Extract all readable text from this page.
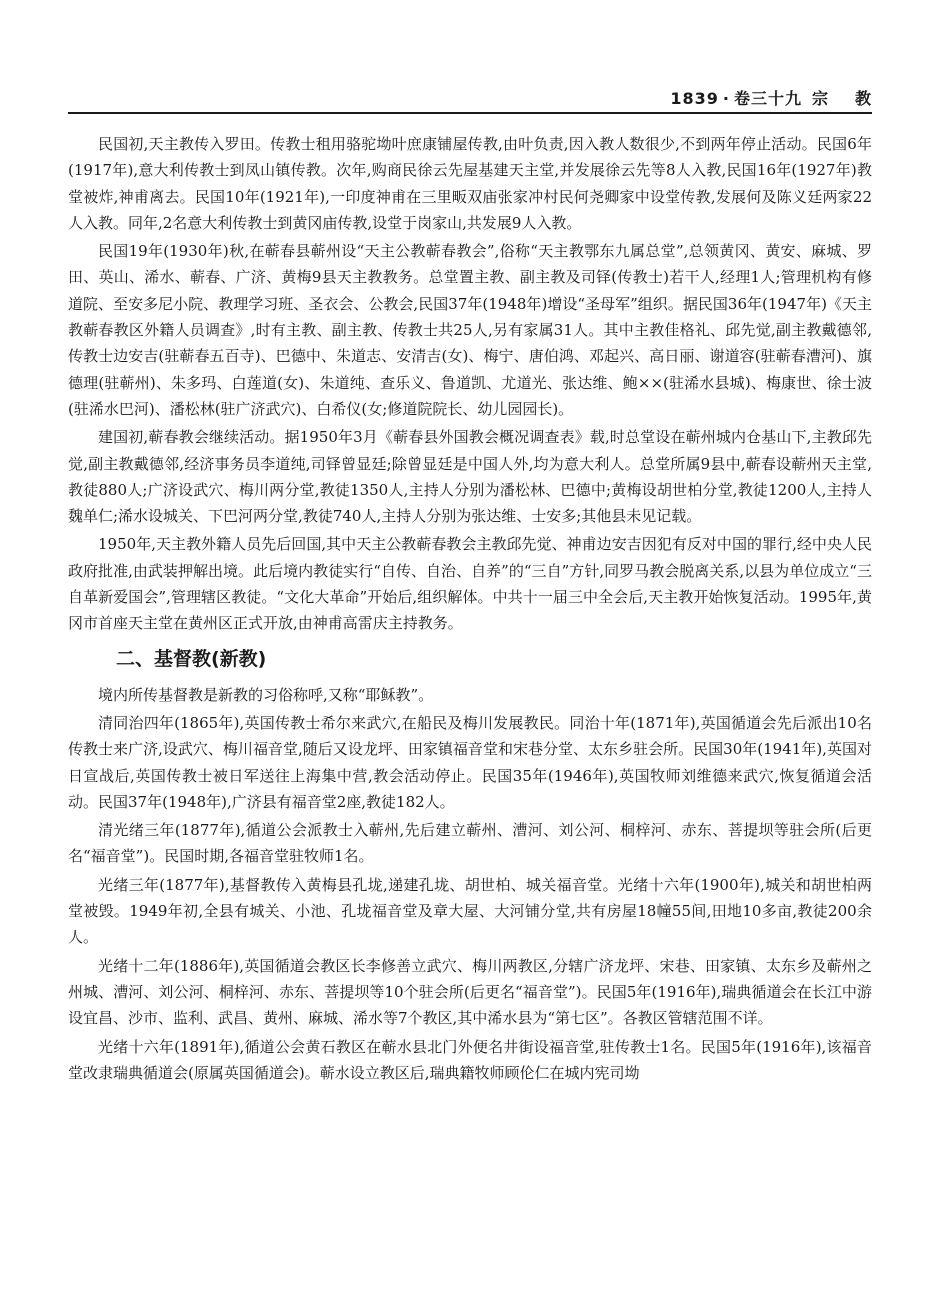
1839 · 卷三十九 宗 教

民国初,天主教传入罗田。传教士租用骆驼坳叶庶康铺屋传教,由叶负责,因入教人数很少,不到两年停止活动。民国6年(1917年),意大利传教士到凤山镇传教。次年,购商民徐云先屋基建天主堂,并发展徐云先等8人入教,民国16年(1927年)教堂被炸,神甫离去。民国10年(1921年),一印度神甫在三里畈双庙张家冲村民何尧卿家中设堂传教,发展何及陈义廷两家22人入教。同年,2名意大利传教士到黄冈庙传教,设堂于岗家山,共发展9人入教。

民国19年(1930年)秋,在蕲春县蕲州设“天主公教蕲春教会”,俗称“天主教鄂东九属总堂”,总领黄冈、黄安、麻城、罗田、英山、浠水、蕲春、广济、黄梅9县天主教教务。总堂置主教、副主教及司铎(传教士)若干人,经理1人;管理机构有修道院、至安多尼小院、教理学习班、圣衣会、公教会,民国37年(1948年)增设“圣母军”组织。据民国36年(1947年)《天主教蕲春教区外籍人员调查》,时有主教、副主教、传教士共25人,另有家属31人。其中主教佳格礼、邱先觉,副主教戴德邻,传教士边安吉(驻蕲春五百寺)、巴德中、朱道志、安清吉(女)、梅宁、唐伯鸿、邓起兴、高日丽、谢道容(驻蕲春漕河)、旗德理(驻蕲州)、朱多玛、白莲道(女)、朱道纯、查乐义、鲁道凯、尤道光、张达维、鲍××(驻浠水县城)、梅康世、徐士波(驻浠水巴河)、潘松林(驻广济武穴)、白希仪(女;修道院院长、幼儿园园长)。

建国初,蕲春教会继续活动。据1950年3月《蕲春县外国教会概况调查表》载,时总堂设在蕲州城内仓基山下,主教邱先觉,副主教戴德邻,经济事务员李道纯,司铎曾显廷;除曾显廷是中国人外,均为意大利人。总堂所属9县中,蕲春设蕲州天主堂,教徒880人;广济设武穴、梅川两分堂,教徒1350人,主持人分别为潘松林、巴德中;黄梅设胡世柏分堂,教徒1200人,主持人魏单仁;浠水设城关、下巴河两分堂,教徒740人,主持人分别为张达维、士安多;其他县未见记载。

1950年,天主教外籍人员先后回国,其中天主公教蕲春教会主教邱先觉、神甫边安吉因犯有反对中国的罪行,经中央人民政府批准,由武装押解出境。此后境内教徒实行“自传、自治、自养”的“三自”方针,同罗马教会脱离关系,以县为单位成立“三自革新爱国会”,管理辖区教徒。“文化大革命”开始后,组织解体。中共十一届三中全会后,天主教开始恢复活动。1995年,黄冈市首座天主堂在黄州区正式开放,由神甫高雷庆主持教务。

二、基督教(新教)

境内所传基督教是新教的习俗称呼,又称“耶稣教”。

清同治四年(1865年),英国传教士希尔来武穴,在船民及梅川发展教民。同治十年(1871年),英国循道会先后派出10名传教士来广济,设武穴、梅川福音堂,随后又设龙坪、田家镇福音堂和宋巷分堂、太东乡驻会所。民国30年(1941年),英国对日宣战后,英国传教士被日军送往上海集中营,教会活动停止。民国35年(1946年),英国牧师刘维德来武穴,恢复循道会活动。民国37年(1948年),广济县有福音堂2座,教徒182人。

清光绪三年(1877年),循道公会派教士入蕲州,先后建立蕲州、漕河、刘公河、桐梓河、赤东、菩提坝等驻会所(后更名“福音堂”)。民国时期,各福音堂驻牧师1名。

光绪三年(1877年),基督教传入黄梅县孔垅,递建孔垅、胡世柏、城关福音堂。光绪十六年(1900年),城关和胡世柏两堂被毁。1949年初,全县有城关、小池、孔垅福音堂及章大屋、大河铺分堂,共有房屋18幢55间,田地10多亩,教徒200余人。

光绪十二年(1886年),英国循道会教区长李修善立武穴、梅川两教区,分辖广济龙坪、宋巷、田家镇、太东乡及蕲州之州城、漕河、刘公河、桐梓河、赤东、菩提坝等10个驻会所(后更名“福音堂”)。民国5年(1916年),瑞典循道会在长江中游设宜昌、沙市、监利、武昌、黄州、麻城、浠水等7个教区,其中浠水县为“第七区”。各教区管辖范围不详。

光绪十六年(1891年),循道公会黄石教区在蕲水县北门外便名井街设福音堂,驻传教士1名。民国5年(1916年),该福音堂改隶瑞典循道会(原属英国循道会)。蕲水设立教区后,瑞典籍牧师顾伦仁在城内宪司坳
